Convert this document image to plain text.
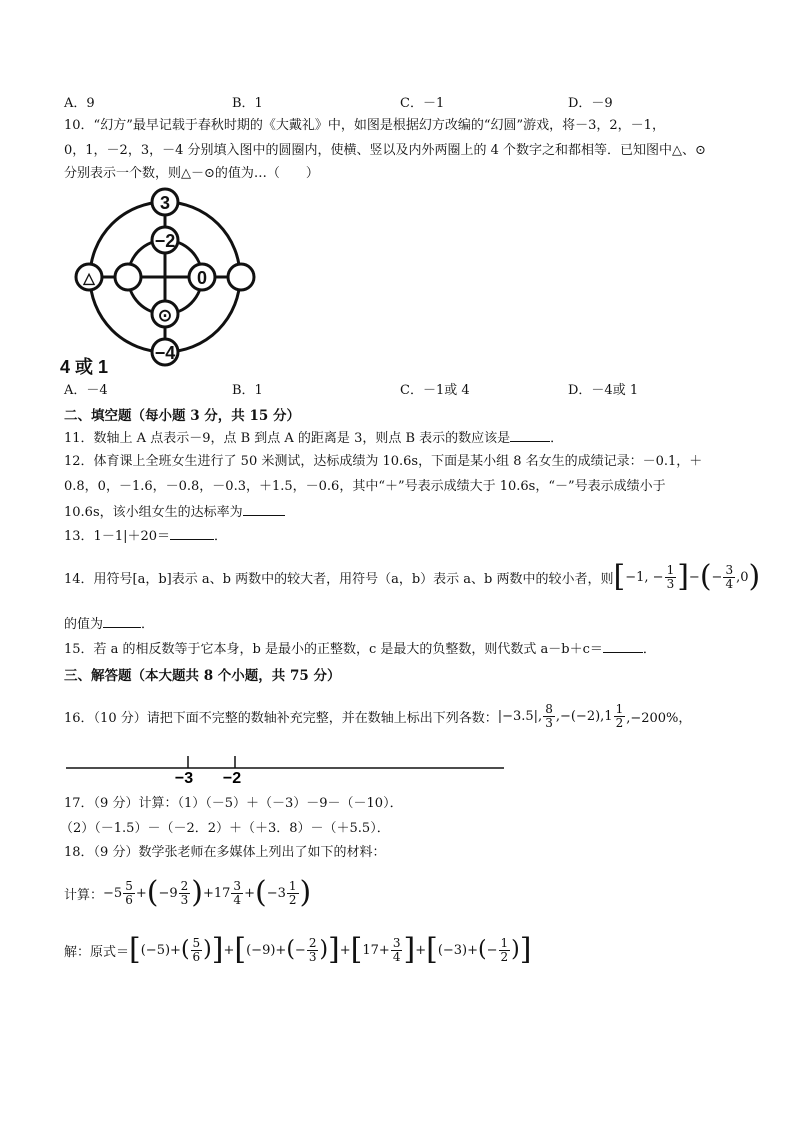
A．9	B．1	C．－1	D．－9
10．“幻方”最早记载于春秋时期的《大戴礼》中，如图是根据幻方改编的“幻圆”游戏，将－3，2，－1，
0，1，－2，3，－4 分别填入图中的圆圈内，使横、竖以及内外两圈上的 4 个数字之和都相等．已知图中△、⊙
分别表示一个数，则△－⊙的值为…（　　）
3
−2
0
△
⊙
−4
4 或 1
A．－4	B．1	C．－1或 4	D．－4或 1
二、填空题（每小题 3 分，共 15 分）
11．数轴上 A 点表示－9，点 B 到点 A 的距离是 3，则点 B 表示的数应该是	．
12．体育课上全班女生进行了 50 米测试，达标成绩为 10.6s，下面是某小组 8 名女生的成绩记录：－0.1，＋
0.8，0，－1.6，－0.8，－0.3，＋1.5，－0.6，其中“＋”号表示成绩大于 10.6s，“－”号表示成绩小于
10.6s，该小组女生的达标率为
13．1－1|＋20＝	．
14．用符号[a，b]表示 a、b 两数中的较大者，用符号（a，b）表示 a、b 两数中的较小者，则 [ −1, − $\frac{1}{3}$ ] − ( − $\frac{3}{4} ,0$ )
的值为	．
15．若 a 的相反数等于它本身，b 是最小的正整数，c 是最大的负整数，则代数式 a－b＋c＝	．
三、解答题（本大题共 8 个小题，共 75 分）
16．（10 分）请把下面不完整的数轴补充完整，并在数轴上标出下列各数： |−3.5|, $\frac{8}{3} ,-(-2),1 \frac{1}{2} ,-200\%$，
−3 −2
17．（9 分）计算：（1）（－5）＋（－3）－9－（－10）．
（2）（－1.5）－（－2．2）＋（＋3．8）－（＋5.5）．
18．（9 分）数学张老师在多媒体上列出了如下的材料：
计算： $-5 \frac{5}{6}$ + ( $-9 \frac{2}{3}$ ) $+17 \frac{3}{4}$ + ( $-3 \frac{1}{2}$ )
解：原式＝ [ (−5)+ ( $\frac{5}{6}$ ) ] + [ (−9)+ ( − $\frac{2}{3}$ ) ] + [ $17+ \frac{3}{4}$ ] + [ (−3)+ ( − $\frac{1}{2}$ ) ]
